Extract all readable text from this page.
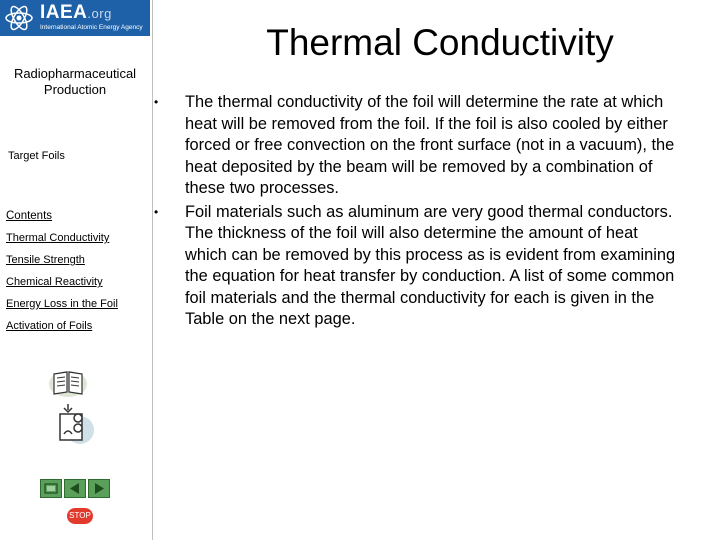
IAEA.org
International Atomic Energy Agency
Radiopharmaceutical Production
Target Foils
Contents
Thermal Conductivity
Tensile Strength
Chemical Reactivity
Energy Loss in the Foil
Activation of Foils
STOP
Thermal Conductivity
• The thermal conductivity of the foil will determine the rate at which heat will be removed from the foil. If the foil is also cooled by either forced or free convection on the front surface (not in a vacuum), the heat deposited by the beam will be removed by a combination of these two processes.
• Foil materials such as aluminum are very good thermal conductors. The thickness of the foil will also determine the amount of heat which can be removed by this process as is evident from examining the equation for heat transfer by conduction. A list of some common foil materials and the thermal conductivity for each is given in the Table on the next page.
